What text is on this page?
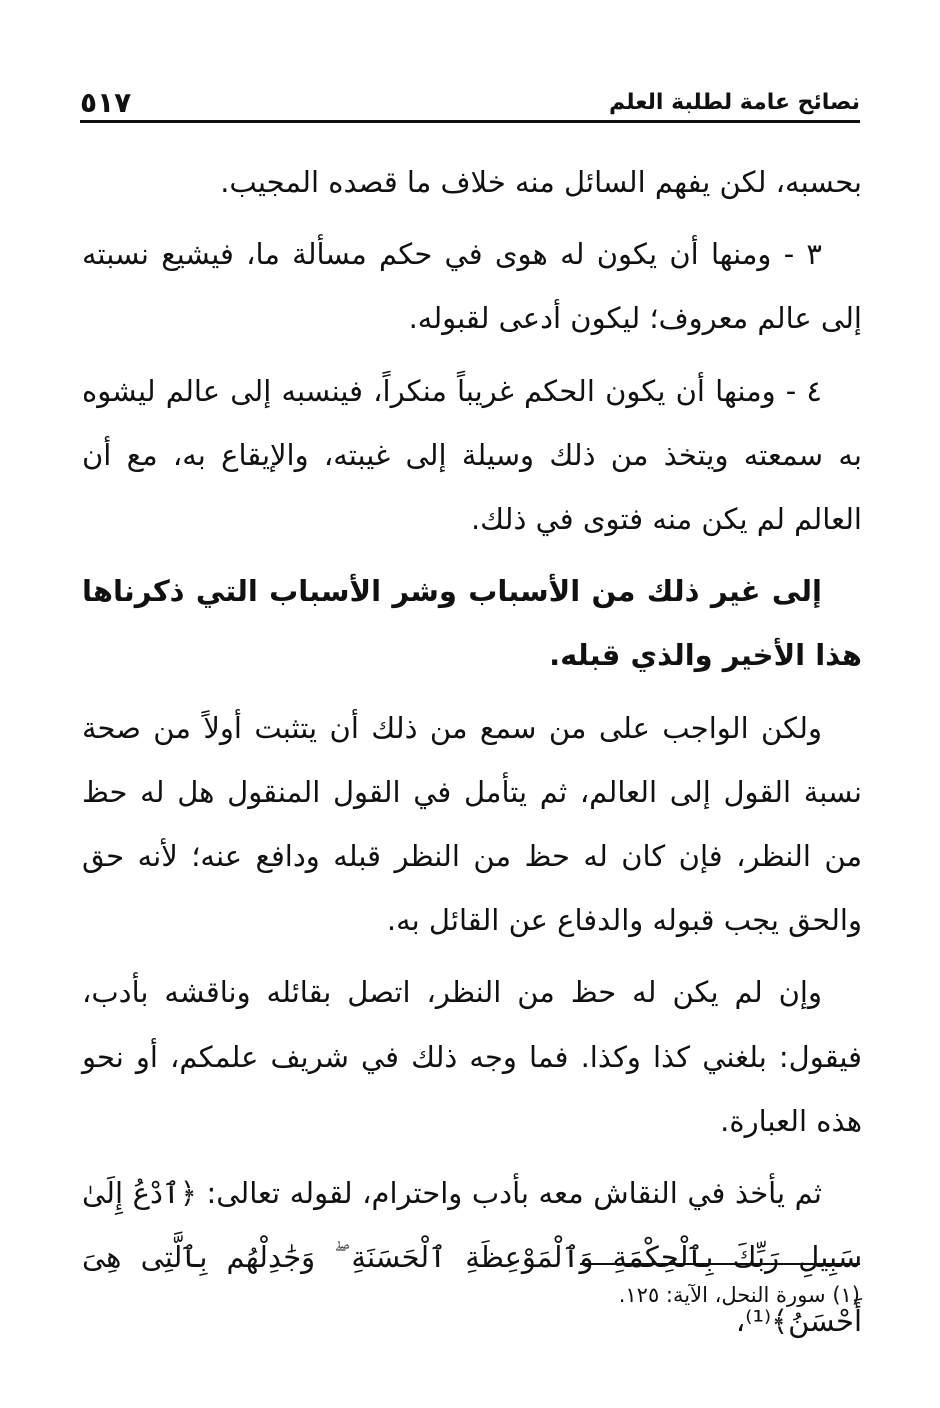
نصائح عامة لطلبة العلم
٥١٧

بحسبه، لكن يفهم السائل منه خلاف ما قصده المجيب.

٣ - ومنها أن يكون له هوى في حكم مسألة ما، فيشيع نسبته إلى عالم معروف؛ ليكون أدعى لقبوله.

٤ - ومنها أن يكون الحكم غريباً منكراً، فينسبه إلى عالم ليشوه به سمعته ويتخذ من ذلك وسيلة إلى غيبته، والإيقاع به، مع أن العالم لم يكن منه فتوى في ذلك.

إلى غير ذلك من الأسباب وشر الأسباب التي ذكرناها هذا الأخير والذي قبله.

ولكن الواجب على من سمع من ذلك أن يتثبت أولاً من صحة نسبة القول إلى العالم، ثم يتأمل في القول المنقول هل له حظ من النظر، فإن كان له حظ من النظر قبله ودافع عنه؛ لأنه حق والحق يجب قبوله والدفاع عن القائل به.

وإن لم يكن له حظ من النظر، اتصل بقائله وناقشه بأدب، فيقول: بلغني كذا وكذا. فما وجه ذلك في شريف علمكم، أو نحو هذه العبارة.

ثم يأخذ في النقاش معه بأدب واحترام، لقوله تعالى: ﴿ٱدْعُ إِلَىٰ سَبِيلِ رَبِّكَ بِٱلْحِكْمَةِ وَٱلْمَوْعِظَةِ ٱلْحَسَنَةِ ۖ وَجَٰدِلْهُم بِٱلَّتِى هِىَ أَحْسَنُ﴾⁽¹⁾،

(١) سورة النحل، الآية: ١٢٥.
